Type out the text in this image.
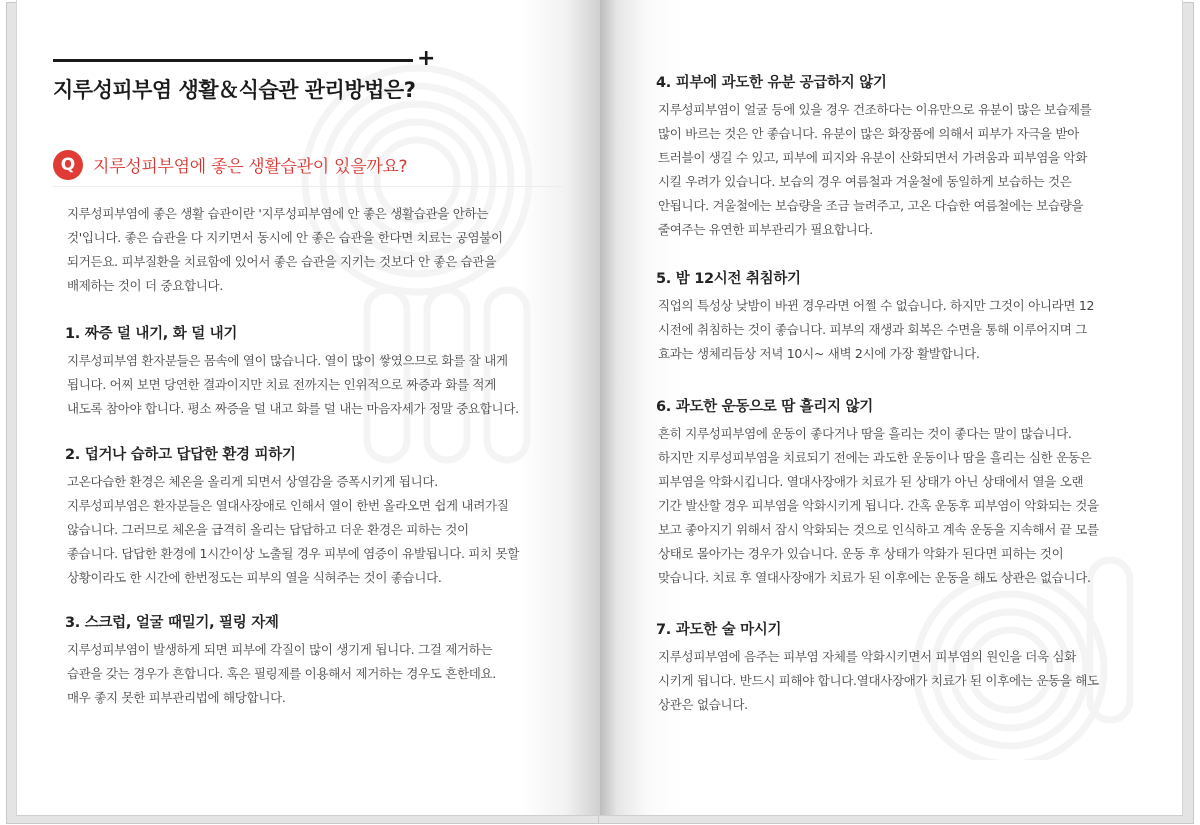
+
지루성피부염 생활＆식습관 관리방법은?
Q	지루성피부염에 좋은 생활습관이 있을까요?

지루성피부염에 좋은 생활 습관이란 '지루성피부염에 안 좋은 생활습관을 안하는
것'입니다. 좋은 습관을 다 지키면서 동시에 안 좋은 습관을 한다면 치료는 공염불이
되거든요. 피부질환을 치료함에 있어서 좋은 습관을 지키는 것보다 안 좋은 습관을
배제하는 것이 더 중요합니다.

1. 짜증 덜 내기, 화 덜 내기

지루성피부염 환자분들은 몸속에 열이 많습니다. 열이 많이 쌓였으므로 화를 잘 내게
됩니다. 어찌 보면 당연한 결과이지만 치료 전까지는 인위적으로 짜증과 화를 적게
내도록 참아야 합니다. 평소 짜증을 덜 내고 화를 덜 내는 마음자세가 정말 중요합니다.

2. 덥거나 습하고 답답한 환경 피하기

고온다습한 환경은 체온을 올리게 되면서 상열감을 증폭시키게 됩니다.
지루성피부염은 환자분들은 열대사장애로 인해서 열이 한번 올라오면 쉽게 내려가질
않습니다. 그러므로 체온을 급격히 올리는 답답하고 더운 환경은 피하는 것이
좋습니다. 답답한 환경에 1시간이상 노출될 경우 피부에 염증이 유발됩니다. 피치 못할
상황이라도 한 시간에 한번정도는 피부의 열을 식혀주는 것이 좋습니다.

3. 스크럽, 얼굴 때밀기, 필링 자제

지루성피부염이 발생하게 되면 피부에 각질이 많이 생기게 됩니다. 그걸 제거하는
습관을 갖는 경우가 흔합니다. 혹은 필링제를 이용해서 제거하는 경우도 흔한데요.
매우 좋지 못한 피부관리법에 해당합니다.

4. 피부에 과도한 유분 공급하지 않기

지루성피부염이 얼굴 등에 있을 경우 건조하다는 이유만으로 유분이 많은 보습제를
많이 바르는 것은 안 좋습니다. 유분이 많은 화장품에 의해서 피부가 자극을 받아
트러블이 생길 수 있고, 피부에 피지와 유분이 산화되면서 가려움과 피부염을 악화
시킬 우려가 있습니다. 보습의 경우 여름철과 겨울철에 동일하게 보습하는 것은
안됩니다. 겨울철에는 보습량을 조금 늘려주고, 고온 다습한 여름철에는 보습량을
줄여주는 유연한 피부관리가 필요합니다.

5. 밤 12시전 취침하기

직업의 특성상 낮밤이 바뀐 경우라면 어쩔 수 없습니다. 하지만 그것이 아니라면 12
시전에 취침하는 것이 좋습니다. 피부의 재생과 회복은 수면을 통해 이루어지며 그
효과는 생체리듬상 저녁 10시~ 새벽 2시에 가장 활발합니다.

6. 과도한 운동으로 땀 흘리지 않기

흔히 지루성피부염에 운동이 좋다거나 땀을 흘리는 것이 좋다는 말이 많습니다.
하지만 지루성피부염을 치료되기 전에는 과도한 운동이나 땀을 흘리는 심한 운동은
피부염을 악화시킵니다. 열대사장애가 치료가 된 상태가 아닌 상태에서 열을 오랜
기간 발산할 경우 피부염을 악화시키게 됩니다. 간혹 운동후 피부염이 악화되는 것을
보고 좋아지기 위해서 잠시 악화되는 것으로 인식하고 계속 운동을 지속해서 끝 모를
상태로 몰아가는 경우가 있습니다. 운동 후 상태가 악화가 된다면 피하는 것이
맞습니다. 치료 후 열대사장애가 치료가 된 이후에는 운동을 해도 상관은 없습니다.

7. 과도한 술 마시기

지루성피부염에 음주는 피부염 자체를 악화시키면서 피부염의 원인을 더욱 심화
시키게 됩니다. 반드시 피해야 합니다.열대사장애가 치료가 된 이후에는 운동을 해도
상관은 없습니다.
